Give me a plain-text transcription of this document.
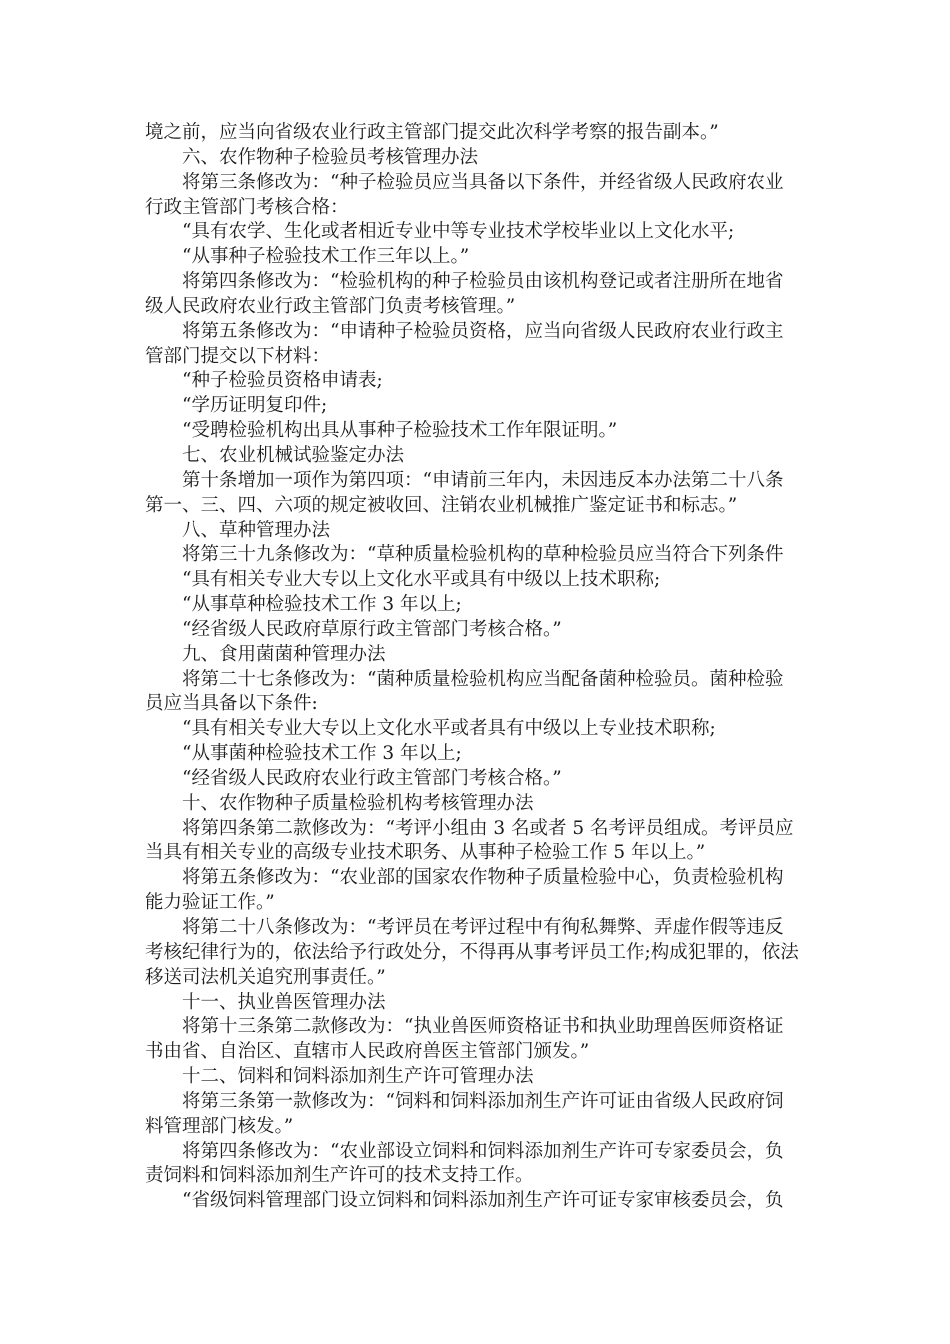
境之前，应当向省级农业行政主管部门提交此次科学考察的报告副本。”
六、农作物种子检验员考核管理办法
将第三条修改为：“种子检验员应当具备以下条件，并经省级人民政府农业
行政主管部门考核合格：
“具有农学、生化或者相近专业中等专业技术学校毕业以上文化水平;
“从事种子检验技术工作三年以上。”
将第四条修改为：“检验机构的种子检验员由该机构登记或者注册所在地省
级人民政府农业行政主管部门负责考核管理。”
将第五条修改为：“申请种子检验员资格，应当向省级人民政府农业行政主
管部门提交以下材料：
“种子检验员资格申请表;
“学历证明复印件;
“受聘检验机构出具从事种子检验技术工作年限证明。”
七、农业机械试验鉴定办法
第十条增加一项作为第四项：“申请前三年内，未因违反本办法第二十八条
第一、三、四、六项的规定被收回、注销农业机械推广鉴定证书和标志。”
八、草种管理办法
将第三十九条修改为：“草种质量检验机构的草种检验员应当符合下列条件
“具有相关专业大专以上文化水平或具有中级以上技术职称;
“从事草种检验技术工作 3 年以上;
“经省级人民政府草原行政主管部门考核合格。”
九、食用菌菌种管理办法
将第二十七条修改为：“菌种质量检验机构应当配备菌种检验员。菌种检验
员应当具备以下条件:
“具有相关专业大专以上文化水平或者具有中级以上专业技术职称;
“从事菌种检验技术工作 3 年以上;
“经省级人民政府农业行政主管部门考核合格。”
十、农作物种子质量检验机构考核管理办法
将第四条第二款修改为：“考评小组由 3 名或者 5 名考评员组成。考评员应
当具有相关专业的高级专业技术职务、从事种子检验工作 5 年以上。”
将第五条修改为：“农业部的国家农作物种子质量检验中心，负责检验机构
能力验证工作。”
将第二十八条修改为：“考评员在考评过程中有徇私舞弊、弄虚作假等违反
考核纪律行为的，依法给予行政处分，不得再从事考评员工作;构成犯罪的，依法
移送司法机关追究刑事责任。”
十一、执业兽医管理办法
将第十三条第二款修改为：“执业兽医师资格证书和执业助理兽医师资格证
书由省、自治区、直辖市人民政府兽医主管部门颁发。”
十二、饲料和饲料添加剂生产许可管理办法
将第三条第一款修改为：“饲料和饲料添加剂生产许可证由省级人民政府饲
料管理部门核发。”
将第四条修改为：“农业部设立饲料和饲料添加剂生产许可专家委员会，负
责饲料和饲料添加剂生产许可的技术支持工作。
“省级饲料管理部门设立饲料和饲料添加剂生产许可证专家审核委员会，负
